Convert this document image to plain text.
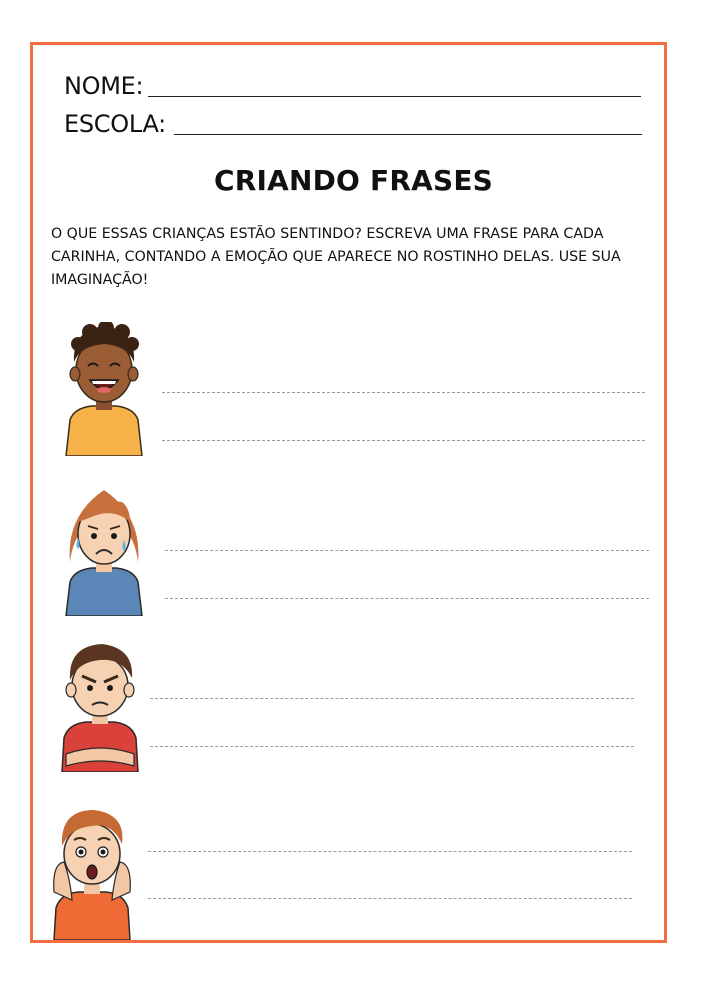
NOME:
ESCOLA:
CRIANDO FRASES
O QUE ESSAS CRIANÇAS ESTÃO SENTINDO? ESCREVA UMA FRASE PARA CADA CARINHA, CONTANDO A EMOÇÃO QUE APARECE NO ROSTINHO DELAS. USE SUA IMAGINAÇÃO!
